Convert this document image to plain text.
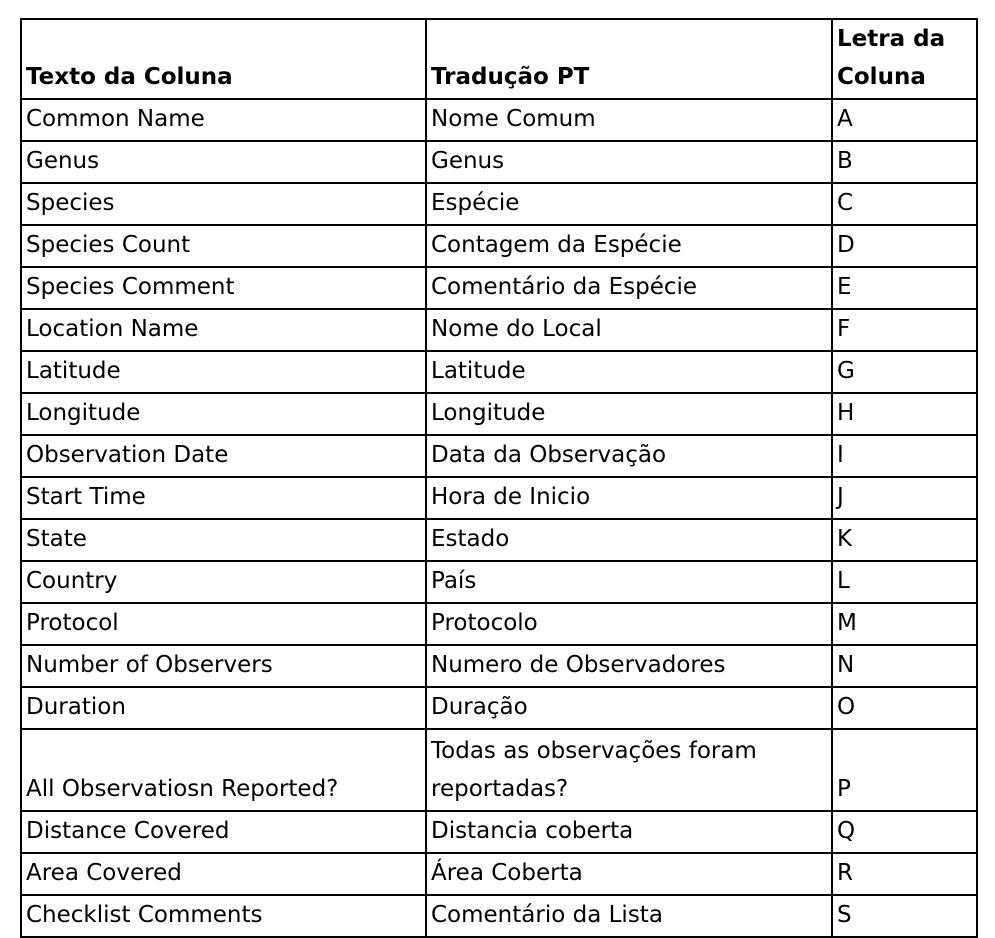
Texto da Coluna	Tradução PT	Letra da Coluna

Common Name	Nome Comum	A
Genus	Genus	B
Species	Espécie	C
Species Count	Contagem da Espécie	D
Species Comment	Comentário da Espécie	E
Location Name	Nome do Local	F
Latitude	Latitude	G
Longitude	Longitude	H
Observation Date	Data da Observação	I
Start Time	Hora de Inicio	J
State	Estado	K
Country	País	L
Protocol	Protocolo	M
Number of Observers	Numero de Observadores	N
Duration	Duração	O
All Observatiosn Reported?	Todas as observações foram reportadas?	P
Distance Covered	Distancia coberta	Q
Area Covered	Área Coberta	R
Checklist Comments	Comentário da Lista	S
